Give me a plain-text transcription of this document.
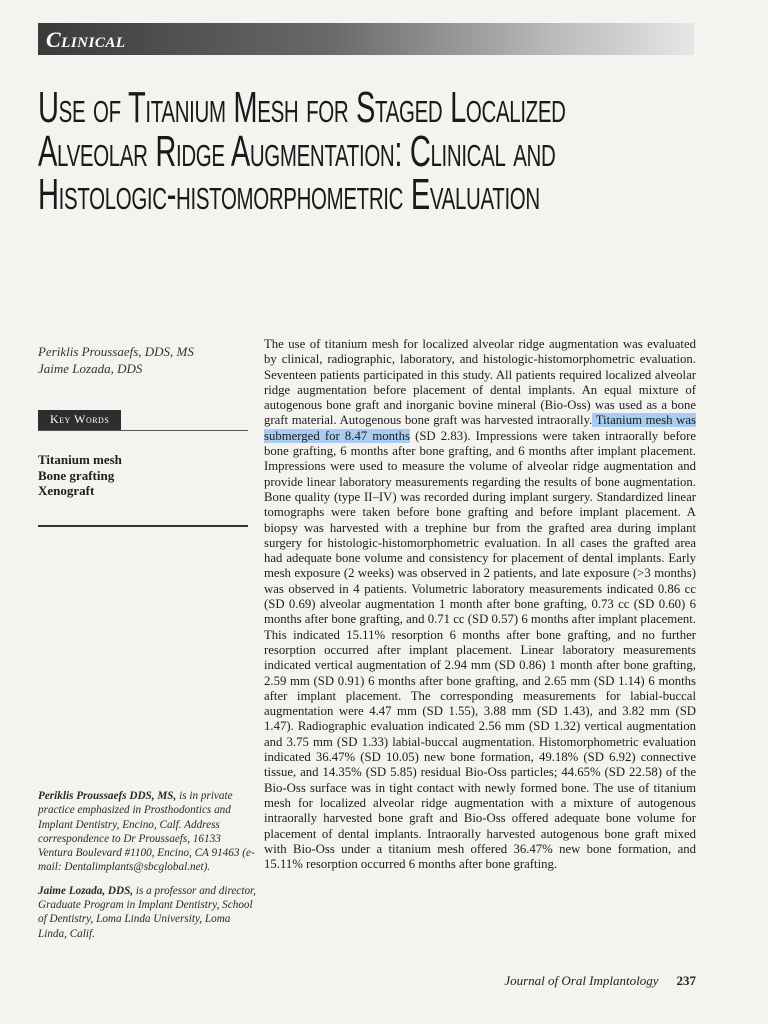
Clinical
Use of Titanium Mesh for Staged Localized Alveolar Ridge Augmentation: Clinical and Histologic-histomorphometric Evaluation
Periklis Proussaefs, DDS, MS
Jaime Lozada, DDS
Key Words
Titanium mesh
Bone grafting
Xenograft

Periklis Proussaefs DDS, MS, is in private practice emphasized in Prosthodontics and Implant Dentistry, Encino, Calf. Address correspondence to Dr Proussaefs, 16133 Ventura Boulevard #1100, Encino, CA 91463 (e-mail: Dentalimplants@sbcglobal.net).

Jaime Lozada, DDS, is a professor and director, Graduate Program in Implant Dentistry, School of Dentistry, Loma Linda University, Loma Linda, Calif.

The use of titanium mesh for localized alveolar ridge augmentation was evaluated by clinical, radiographic, laboratory, and histologic-histomorphometric evaluation. Seventeen patients participated in this study. All patients required localized alveolar ridge augmentation before placement of dental implants. An equal mixture of autogenous bone graft and inorganic bovine mineral (Bio-Oss) was used as a bone graft material. Autogenous bone graft was harvested intraorally. Titanium mesh was submerged for 8.47 months (SD 2.83). Impressions were taken intraorally before bone grafting, 6 months after bone grafting, and 6 months after implant placement. Impressions were used to measure the volume of alveolar ridge augmentation and provide linear laboratory measurements regarding the results of bone augmentation. Bone quality (type II–IV) was recorded during implant surgery. Standardized linear tomographs were taken before bone grafting and before implant placement. A biopsy was harvested with a trephine bur from the grafted area during implant surgery for histologic-histomorphometric evaluation. In all cases the grafted area had adequate bone volume and consistency for placement of dental implants. Early mesh exposure (2 weeks) was observed in 2 patients, and late exposure (>3 months) was observed in 4 patients. Volumetric laboratory measurements indicated 0.86 cc (SD 0.69) alveolar augmentation 1 month after bone grafting, 0.73 cc (SD 0.60) 6 months after bone grafting, and 0.71 cc (SD 0.57) 6 months after implant placement. This indicated 15.11% resorption 6 months after bone grafting, and no further resorption occurred after implant placement. Linear laboratory measurements indicated vertical augmentation of 2.94 mm (SD 0.86) 1 month after bone grafting, 2.59 mm (SD 0.91) 6 months after bone grafting, and 2.65 mm (SD 1.14) 6 months after implant placement. The corresponding measurements for labial-buccal augmentation were 4.47 mm (SD 1.55), 3.88 mm (SD 1.43), and 3.82 mm (SD 1.47). Radiographic evaluation indicated 2.56 mm (SD 1.32) vertical augmentation and 3.75 mm (SD 1.33) labial-buccal augmentation. Histomorphometric evaluation indicated 36.47% (SD 10.05) new bone formation, 49.18% (SD 6.92) connective tissue, and 14.35% (SD 5.85) residual Bio-Oss particles; 44.65% (SD 22.58) of the Bio-Oss surface was in tight contact with newly formed bone. The use of titanium mesh for localized alveolar ridge augmentation with a mixture of autogenous intraorally harvested bone graft and Bio-Oss offered adequate bone volume for placement of dental implants. Intraorally harvested autogenous bone graft mixed with Bio-Oss under a titanium mesh offered 36.47% new bone formation, and 15.11% resorption occurred 6 months after bone grafting.

Journal of Oral Implantology 237
